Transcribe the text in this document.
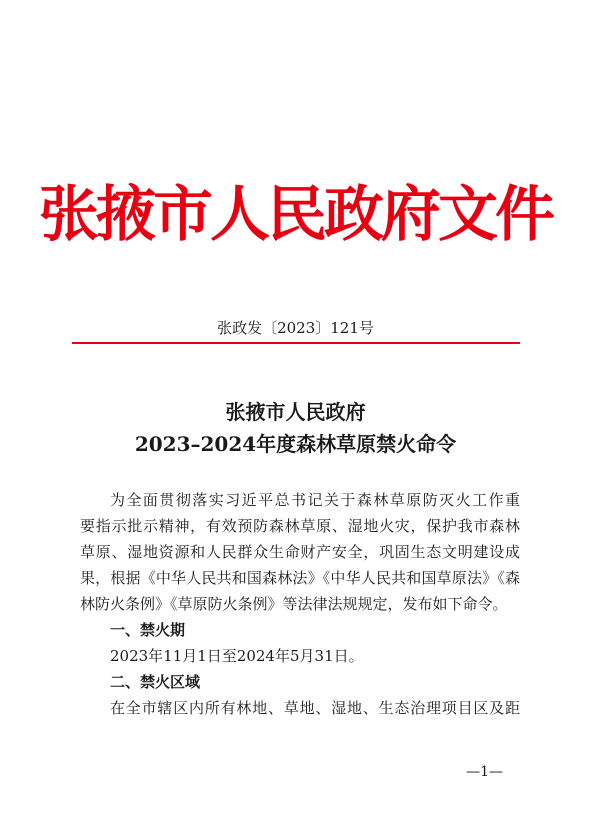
张掖市人民政府文件
张政发〔2023〕121号
张掖市人民政府
2023–2024年度森林草原禁火命令

为全面贯彻落实习近平总书记关于森林草原防灭火工作重

要指示批示精神，有效预防森林草原、湿地火灾，保护我市森林

草原、湿地资源和人民群众生命财产安全，巩固生态文明建设成

果，根据《中华人民共和国森林法》《中华人民共和国草原法》《森

林防火条例》《草原防火条例》等法律法规规定，发布如下命令。

一、禁火期

2023年11月1日至2024年5月31日。

二、禁火区域

在全市辖区内所有林地、草地、湿地、生态治理项目区及距

—1—
